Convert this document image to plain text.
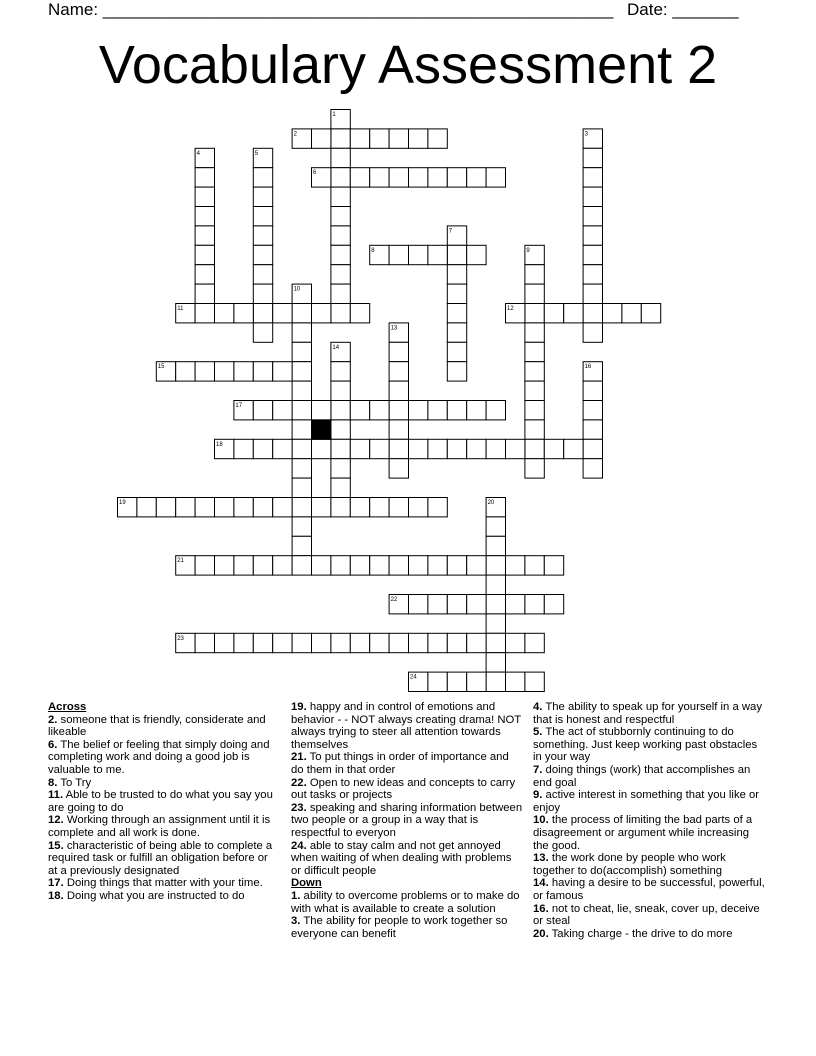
Name: ______________________________________________________ Date: _______
Vocabulary Assessment 2
1
2	3
4	5
6
7
8	9
10
11	12
13
14
15	16
17
18
19	20
21
22
23
24
Across
2. someone that is friendly, considerate and likeable
6. The belief or feeling that simply doing and completing work and doing a good job is valuable to me.
8. To Try
11. Able to be trusted to do what you say you are going to do
12. Working through an assignment until it is complete and all work is done.
15. characteristic of being able to complete a required task or fulfill an obligation before or at a previously designated
17. Doing things that matter with your time.
18. Doing what you are instructed to do
19. happy and in control of emotions and behavior - - NOT always creating drama! NOT always trying to steer all attention towards themselves
21. To put things in order of importance and do them in that order
22. Open to new ideas and concepts to carry out tasks or projects
23. speaking and sharing information between two people or a group in a way that is respectful to everyon
24. able to stay calm and not get annoyed when waiting of when dealing with problems or difficult people
Down
1. ability to overcome problems or to make do with what is available to create a solution
3. The ability for people to work together so everyone can benefit
4. The ability to speak up for yourself in a way that is honest and respectful
5. The act of stubbornly continuing to do something. Just keep working past obstacles in your way
7. doing things (work) that accomplishes an end goal
9. active interest in something that you like or enjoy
10. the process of limiting the bad parts of a disagreement or argument while increasing the good.
13. the work done by people who work together to do(accomplish) something
14. having a desire to be successful, powerful, or famous
16. not to cheat, lie, sneak, cover up, deceive or steal
20. Taking charge - the drive to do more
